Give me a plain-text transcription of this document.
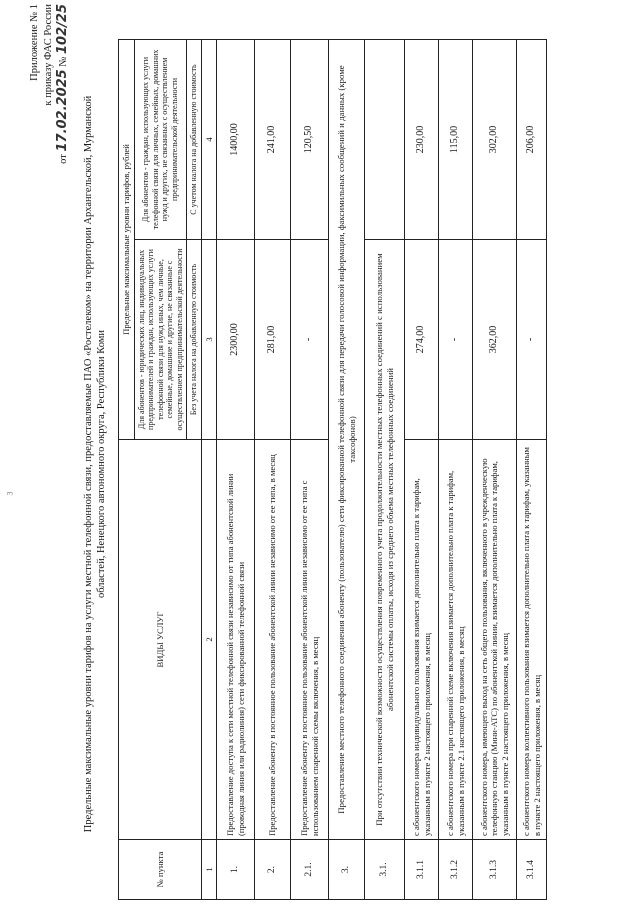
3
Приложение № 1 к приказу ФАС России
от 17.02.2025 № 102/25
Предельные максимальные уровни тарифов на услуги местной телефонной связи, предоставляемые ПАО «Ростелеком» на территории Архангельской, Мурманской областей, Ненецкого автономного округа, Республики Коми
№ пункта	ВИДЫ УСЛУГ	Предельные максимальные уровни тарифов, рублей	
		Для абонентов - юридических лиц, индивидуальных предпринимателей и граждан, использующих услуги телефонной связи для нужд иных, чем личные, семейные, домашние и другие, не связанные с осуществлением предпринимательской деятельности	Для абонентов - граждан, использующих услуги телефонной связи для личных, семейных, домашних нужд и других, не связанных с осуществлением предпринимательской деятельности
		Без учета налога на добавленную стоимость	С учетом налога на добавленную стоимость
1	2	3	4
1.	Предоставление доступа к сети местной телефонной связи независимо от типа абонентской линии (проводная линия или радиолиния) сети фиксированной телефонной связи	2300,00	1400,00
2.	Предоставление абоненту в постоянное пользование абонентской линии независимо от ее типа, в месяц	281,00	241,00
2.1.	Предоставление абоненту в постоянное пользование абонентской линии независимо от ее типа с использованием спаренной схемы включения, в месяц	-	120,50
3.	Предоставление местного телефонного соединения абоненту (пользователю) сети фиксированной телефонной связи для передачи голосовой информации, факсимильных сообщений и данных (кроме таксофонов)		
3.1.	При отсутствии технической возможности осуществления повременного учета продолжительности местных телефонных соединений с использованием абонентской системы оплаты, исходя из среднего объема местных телефонных соединений		
3.1.1	с абонентского номера индивидуального пользования взимается дополнительно плата к тарифам, указанным в пункте 2 настоящего приложения, в месяц	274,00	230,00
3.1.2	с абонентского номера при спаренной схеме включения взимается дополнительно плата к тарифам, указанным в пункте 2.1 настоящего приложения, в месяц	-	115,00
3.1.3	с абонентского номера, имеющего выход на сеть общего пользования, включенного в учрежденческую телефонную станцию (Мини-АТС) по абонентской линии, взимается дополнительно плата к тарифам, указанным в пункте 2 настоящего приложения, в месяц	362,00	302,00
3.1.4	с абонентского номера коллективного пользования взимается дополнительно плата к тарифам, указанным в пункте 2 настоящего приложения, в месяц	-	206,00
